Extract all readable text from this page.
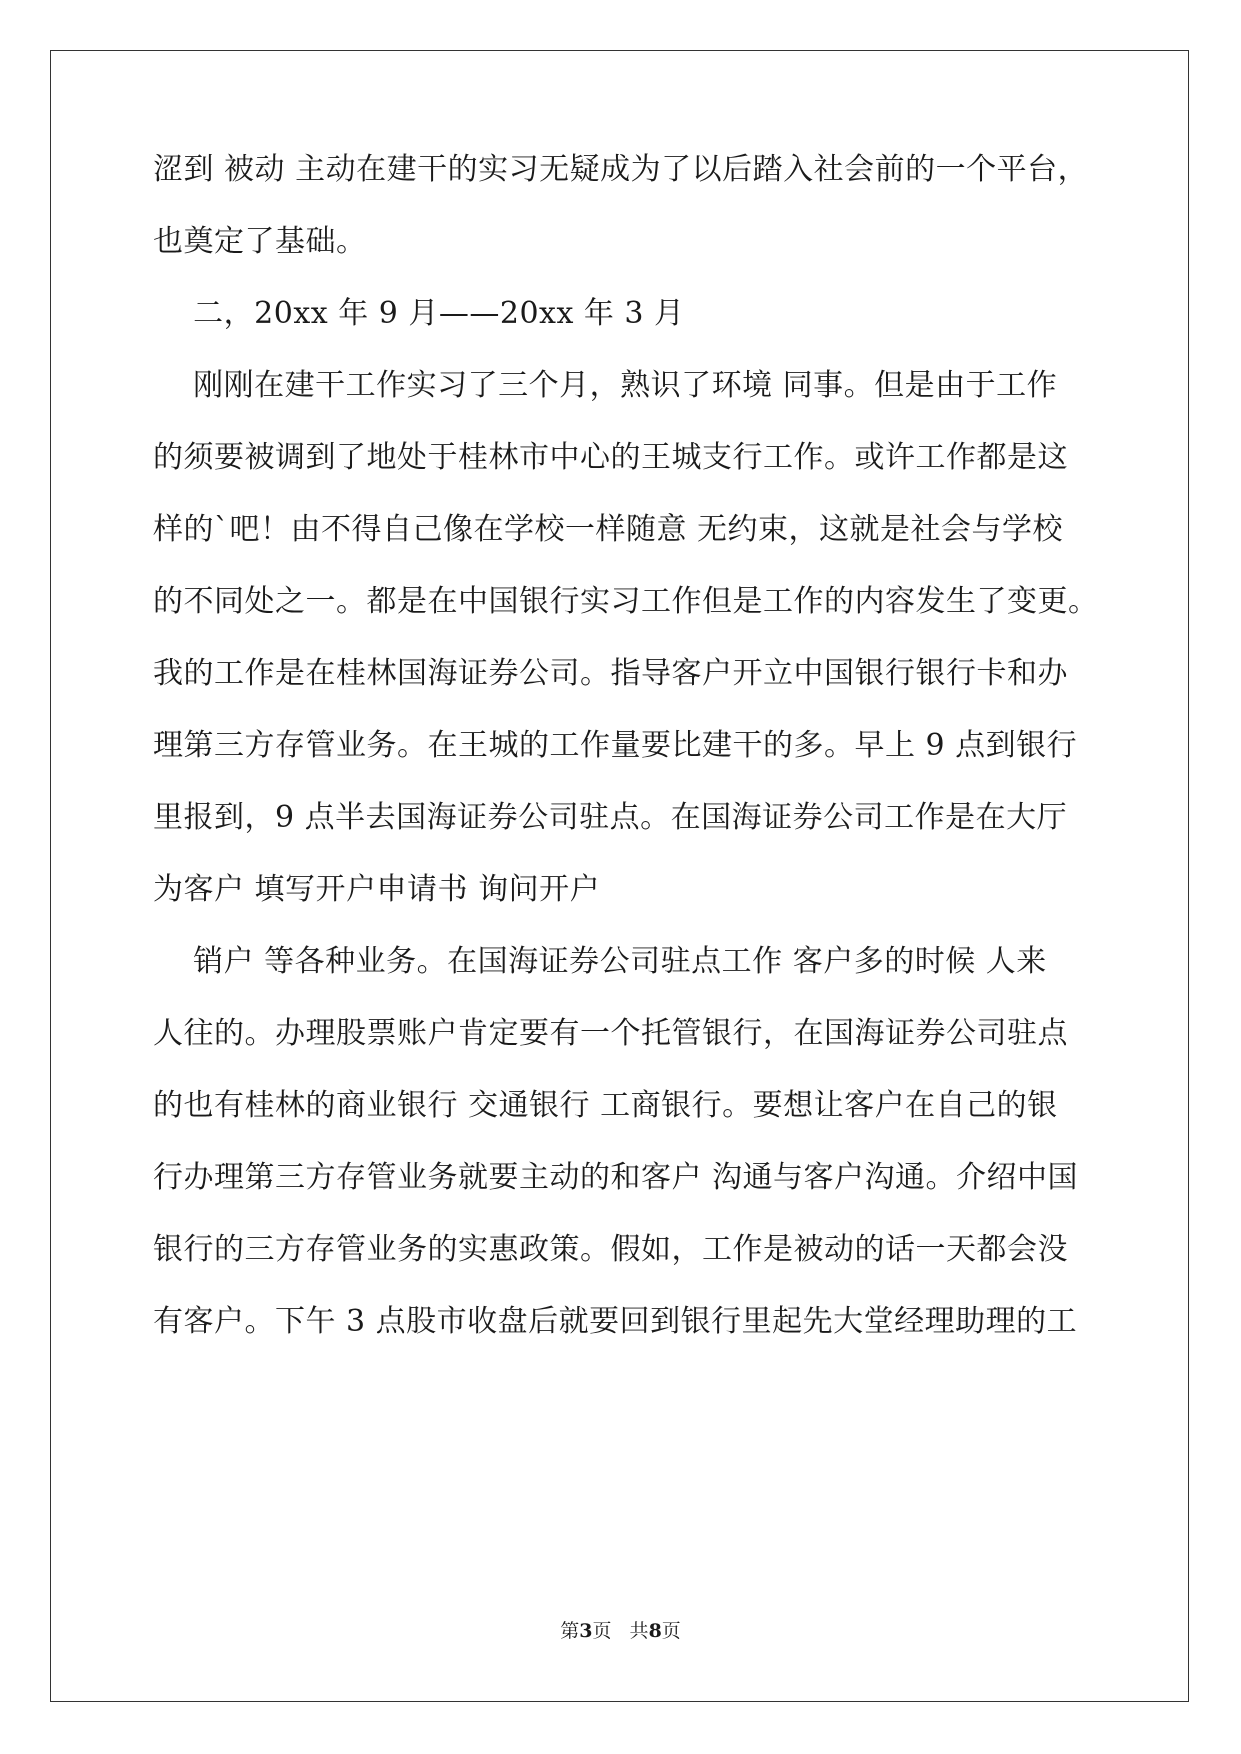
涩到 被动 主动在建干的实习无疑成为了以后踏入社会前的一个平台，
也奠定了基础。
二，20xx 年 9 月——20xx 年 3 月
刚刚在建干工作实习了三个月，熟识了环境 同事。但是由于工作
的须要被调到了地处于桂林市中心的王城支行工作。或许工作都是这
样的`吧！由不得自己像在学校一样随意 无约束，这就是社会与学校
的不同处之一。都是在中国银行实习工作但是工作的内容发生了变更。
我的工作是在桂林国海证券公司。指导客户开立中国银行银行卡和办
理第三方存管业务。在王城的工作量要比建干的多。早上 9 点到银行
里报到，9 点半去国海证券公司驻点。在国海证券公司工作是在大厅
为客户 填写开户申请书 询问开户
销户 等各种业务。在国海证券公司驻点工作 客户多的时候 人来
人往的。办理股票账户肯定要有一个托管银行，在国海证券公司驻点
的也有桂林的商业银行 交通银行 工商银行。要想让客户在自己的银
行办理第三方存管业务就要主动的和客户 沟通与客户沟通。介绍中国
银行的三方存管业务的实惠政策。假如，工作是被动的话一天都会没
有客户。下午 3 点股市收盘后就要回到银行里起先大堂经理助理的工
第3页   共8页
